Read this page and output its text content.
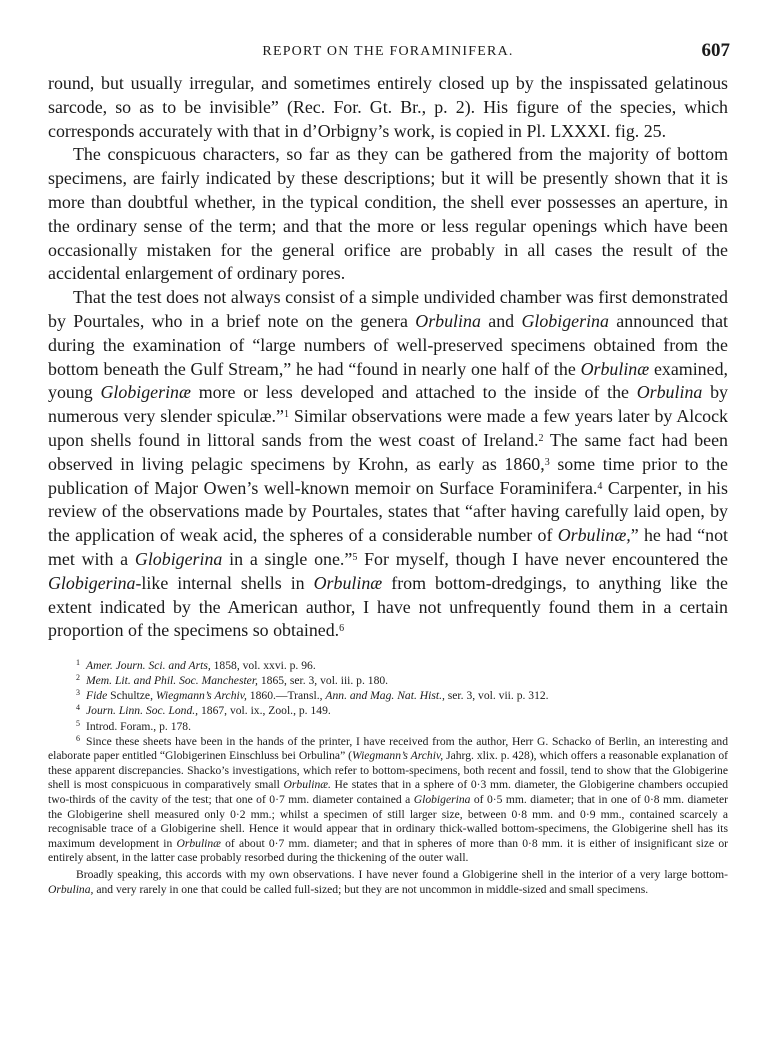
REPORT ON THE FORAMINIFERA.	607

round, but usually irregular, and sometimes entirely closed up by the inspissated gelatinous sarcode, so as to be invisible” (Rec. For. Gt. Br., p. 2). His figure of the species, which corresponds accurately with that in d’Orbigny’s work, is copied in Pl. LXXXI. fig. 25.

The conspicuous characters, so far as they can be gathered from the majority of bottom specimens, are fairly indicated by these descriptions; but it will be presently shown that it is more than doubtful whether, in the typical condition, the shell ever possesses an aperture, in the ordinary sense of the term; and that the more or less regular openings which have been occasionally mistaken for the general orifice are probably in all cases the result of the accidental enlargement of ordinary pores.

That the test does not always consist of a simple undivided chamber was first demonstrated by Pourtales, who in a brief note on the genera Orbulina and Globigerina announced that during the examination of “large numbers of well-preserved specimens obtained from the bottom beneath the Gulf Stream,” he had “found in nearly one half of the Orbulinæ examined, young Globigerinæ more or less developed and attached to the inside of the Orbulina by numerous very slender spiculæ.”$^1$ Similar observations were made a few years later by Alcock upon shells found in littoral sands from the west coast of Ireland.$^2$ The same fact had been observed in living pelagic specimens by Krohn, as early as 1860,$^3$ some time prior to the publication of Major Owen’s well-known memoir on Surface Foraminifera.$^4$ Carpenter, in his review of the observations made by Pourtales, states that “after having carefully laid open, by the application of weak acid, the spheres of a considerable number of Orbulinæ,” he had “not met with a Globigerina in a single one.”$^5$ For myself, though I have never encountered the Globigerina-like internal shells in Orbulinæ from bottom-dredgings, to anything like the extent indicated by the American author, I have not unfrequently found them in a certain proportion of the specimens so obtained.$^6$

$^1$ Amer. Journ. Sci. and Arts, 1858, vol. xxvi. p. 96.

$^2$ Mem. Lit. and Phil. Soc. Manchester, 1865, ser. 3, vol. iii. p. 180.

$^3$ Fide Schultze, Wiegmann’s Archiv, 1860.—Transl., Ann. and Mag. Nat. Hist., ser. 3, vol. vii. p. 312.

$^4$ Journ. Linn. Soc. Lond., 1867, vol. ix., Zool., p. 149.

$^5$ Introd. Foram., p. 178.

$^6$ Since these sheets have been in the hands of the printer, I have received from the author, Herr G. Schacko of Berlin, an interesting and elaborate paper entitled “Globigerinen Einschluss bei Orbulina” (Wiegmann’s Archiv, Jahrg. xlix. p. 428), which offers a reasonable explanation of these apparent discrepancies. Shacko’s investigations, which refer to bottom-specimens, both recent and fossil, tend to show that the Globigerine shell is most conspicuous in comparatively small Orbulinæ. He states that in a sphere of 0·3 mm. diameter, the Globigerine chambers occupied two-thirds of the cavity of the test; that one of 0·7 mm. diameter contained a Globigerina of 0·5 mm. diameter; that in one of 0·8 mm. diameter the Globigerine shell measured only 0·2 mm.; whilst a specimen of still larger size, between 0·8 mm. and 0·9 mm., contained scarcely a recognisable trace of a Globigerine shell. Hence it would appear that in ordinary thick-walled bottom-specimens, the Globigerine shell has its maximum development in Orbulinæ of about 0·7 mm. diameter; and that in spheres of more than 0·8 mm. it is either of insignificant size or entirely absent, in the latter case probably resorbed during the thickening of the outer wall.

Broadly speaking, this accords with my own observations. I have never found a Globigerine shell in the interior of a very large bottom-Orbulina, and very rarely in one that could be called full-sized; but they are not uncommon in middle-sized and small specimens.
